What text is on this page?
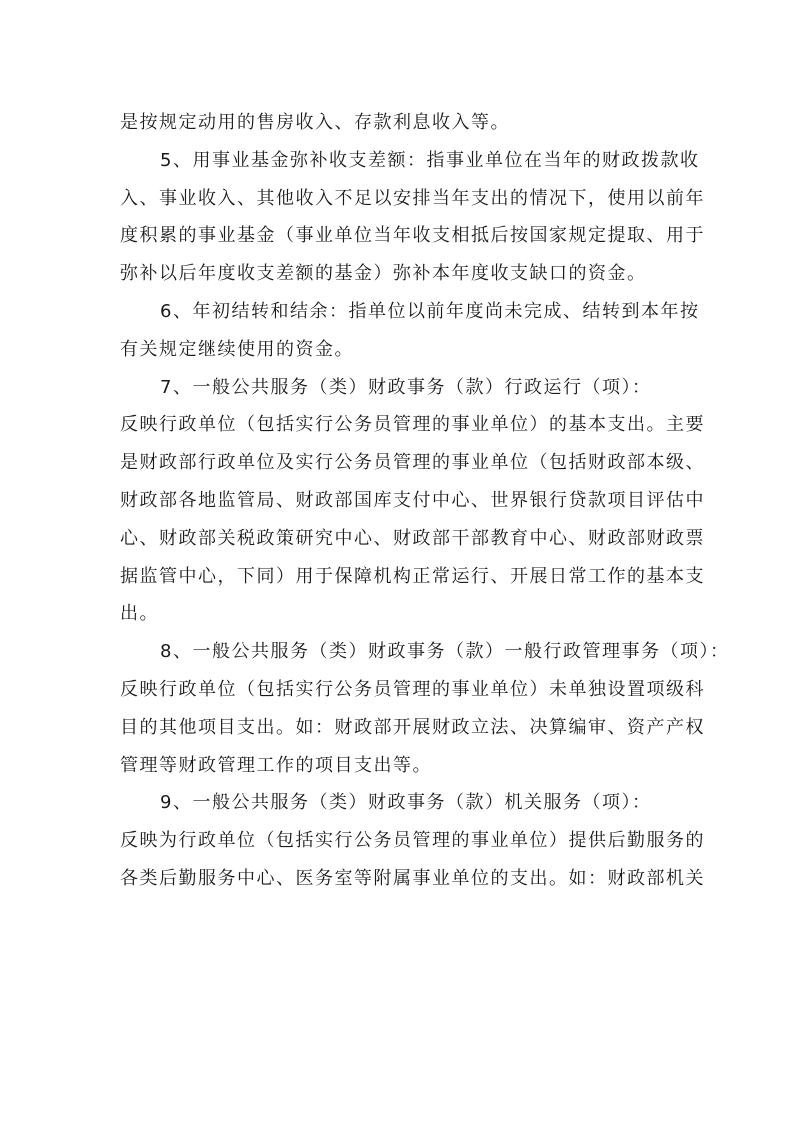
是按规定动用的售房收入、存款利息收入等。
5、用事业基金弥补收支差额：指事业单位在当年的财政拨款收
入、事业收入、其他收入不足以安排当年支出的情况下，使用以前年
度积累的事业基金（事业单位当年收支相抵后按国家规定提取、用于
弥补以后年度收支差额的基金）弥补本年度收支缺口的资金。
6、年初结转和结余：指单位以前年度尚未完成、结转到本年按
有关规定继续使用的资金。
7、一般公共服务（类）财政事务（款）行政运行（项）：
反映行政单位（包括实行公务员管理的事业单位）的基本支出。主要
是财政部行政单位及实行公务员管理的事业单位（包括财政部本级、
财政部各地监管局、财政部国库支付中心、世界银行贷款项目评估中
心、财政部关税政策研究中心、财政部干部教育中心、财政部财政票
据监管中心，下同）用于保障机构正常运行、开展日常工作的基本支
出。
8、一般公共服务（类）财政事务（款）一般行政管理事务（项）：
反映行政单位（包括实行公务员管理的事业单位）未单独设置项级科
目的其他项目支出。如：财政部开展财政立法、决算编审、资产产权
管理等财政管理工作的项目支出等。
9、一般公共服务（类）财政事务（款）机关服务（项）：
反映为行政单位（包括实行公务员管理的事业单位）提供后勤服务的
各类后勤服务中心、医务室等附属事业单位的支出。如：财政部机关
